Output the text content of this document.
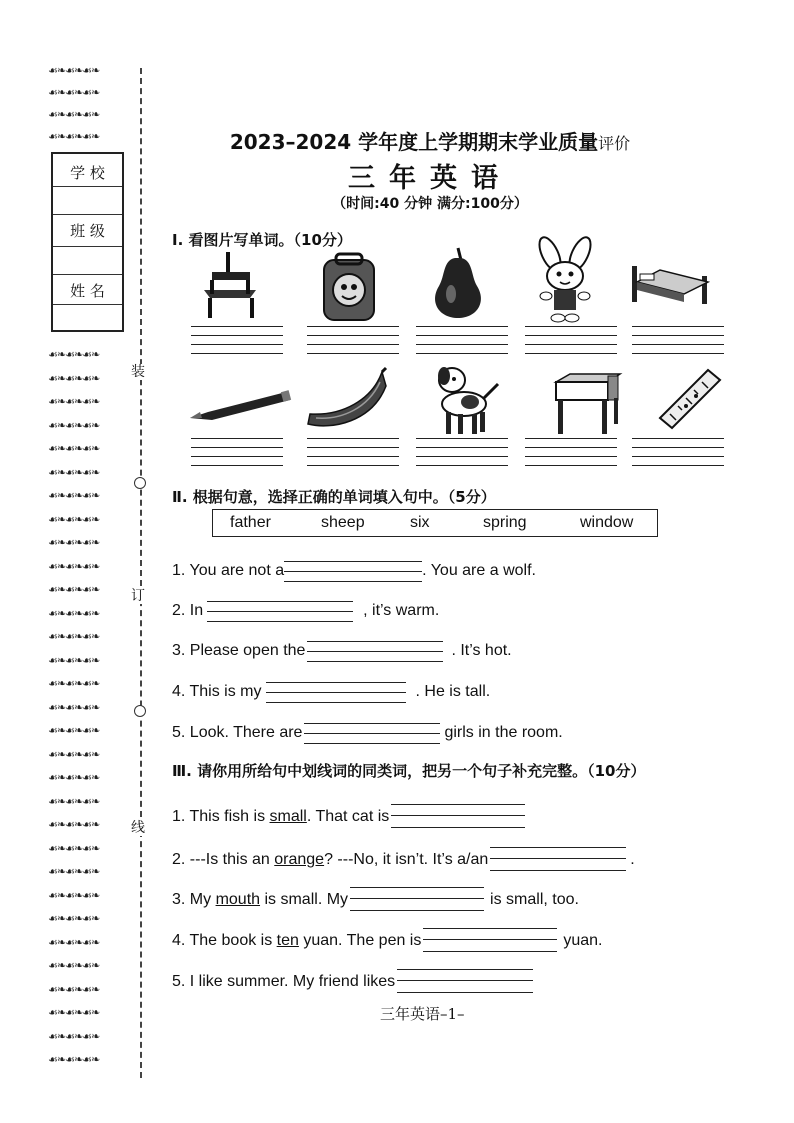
☙❧☙❧☙❧
☙❧☙❧☙❧
☙❧☙❧☙❧
☙❧☙❧☙❧
☙❧☙❧☙❧
☙❧☙❧☙❧
☙❧☙❧☙❧
☙❧☙❧☙❧
☙❧☙❧☙❧
☙❧☙❧☙❧
☙❧☙❧☙❧
☙❧☙❧☙❧
☙❧☙❧☙❧
☙❧☙❧☙❧
☙❧☙❧☙❧
☙❧☙❧☙❧
☙❧☙❧☙❧
☙❧☙❧☙❧
☙❧☙❧☙❧
☙❧☙❧☙❧
☙❧☙❧☙❧
☙❧☙❧☙❧
☙❧☙❧☙❧
☙❧☙❧☙❧
☙❧☙❧☙❧
☙❧☙❧☙❧
☙❧☙❧☙❧
☙❧☙❧☙❧
☙❧☙❧☙❧
☙❧☙❧☙❧
☙❧☙❧☙❧
☙❧☙❧☙❧
☙❧☙❧☙❧
☙❧☙❧☙❧
☙❧☙❧☙❧
学 校
班 级
姓 名
装
订
线
2023–2024 学年度上学期期末学业质量评价
三年英语
（时间:40 分钟 满分:100分）
Ⅰ. 看图片写单词。（10分）
Ⅱ. 根据句意，选择正确的单词填入句中。（5分）
father	sheep	six	spring	window
1. You are not a	. You are a wolf.
2. In	, it’s warm.
3. Please open the	. It’s hot.
4. This is my	. He is tall.
5. Look. There are	girls in the room.
Ⅲ. 请你用所给句中划线词的同类词，把另一个句子补充完整。（10分）
1. This fish is small. That cat is
2. ---Is this an orange? ---No, it isn’t. It’s a/an	.
3. My mouth is small. My	is small, too.
4. The book is ten yuan. The pen is	yuan.
5. I like summer. My friend likes
三年英语–1–
